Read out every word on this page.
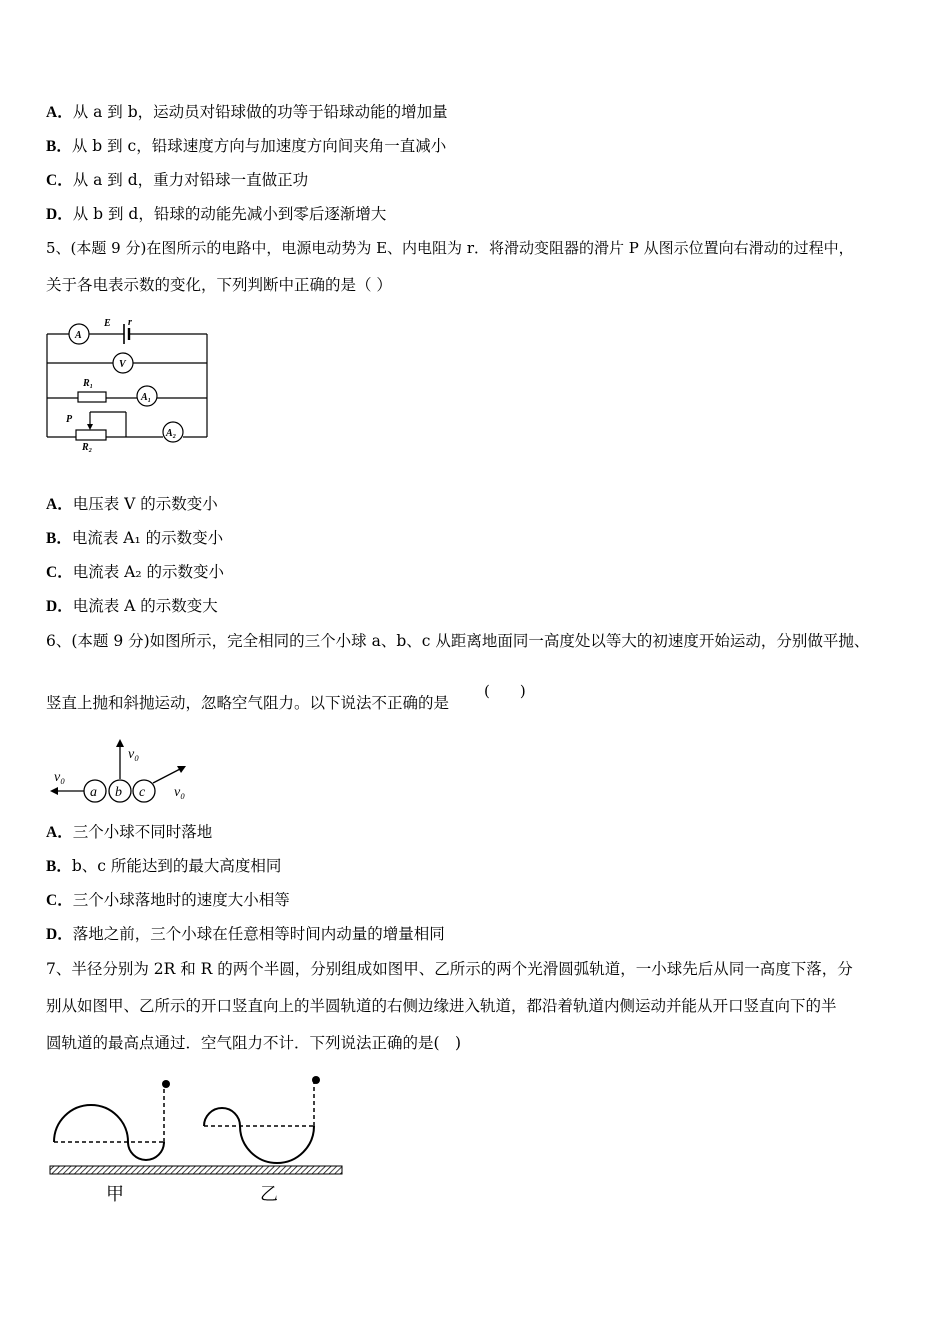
A．从 a 到 b，运动员对铅球做的功等于铅球动能的增加量
B．从 b 到 c，铅球速度方向与加速度方向间夹角一直减小
C．从 a 到 d，重力对铅球一直做正功
D．从 b 到 d，铅球的动能先减小到零后逐渐增大
5、(本题 9 分)在图所示的电路中，电源电动势为 E、内电阻为 r．将滑动变阻器的滑片 P 从图示位置向右滑动的过程中，
关于各电表示数的变化，下列判断中正确的是（ ）
A
E r
V
R₁
A₁
P
R₂
A₂
A．电压表 V 的示数变小
B．电流表 A₁ 的示数变小
C．电流表 A₂ 的示数变小
D．电流表 A 的示数变大
6、(本题 9 分)如图所示，完全相同的三个小球 a、b、c 从距离地面同一高度处以等大的初速度开始运动，分别做平抛、
竖直上抛和斜抛运动，忽略空气阻力。以下说法不正确的是
(　　)
v₀
v₀
v₀
a b c
A．三个小球不同时落地
B．b、c 所能达到的最大高度相同
C．三个小球落地时的速度大小相等
D．落地之前，三个小球在任意相等时间内动量的增量相同
7、半径分别为 2R 和 R 的两个半圆，分别组成如图甲、乙所示的两个光滑圆弧轨道，一小球先后从同一高度下落，分
别从如图甲、乙所示的开口竖直向上的半圆轨道的右侧边缘进入轨道，都沿着轨道内侧运动并能从开口竖直向下的半
圆轨道的最高点通过．空气阻力不计．下列说法正确的是(　)
甲	乙
